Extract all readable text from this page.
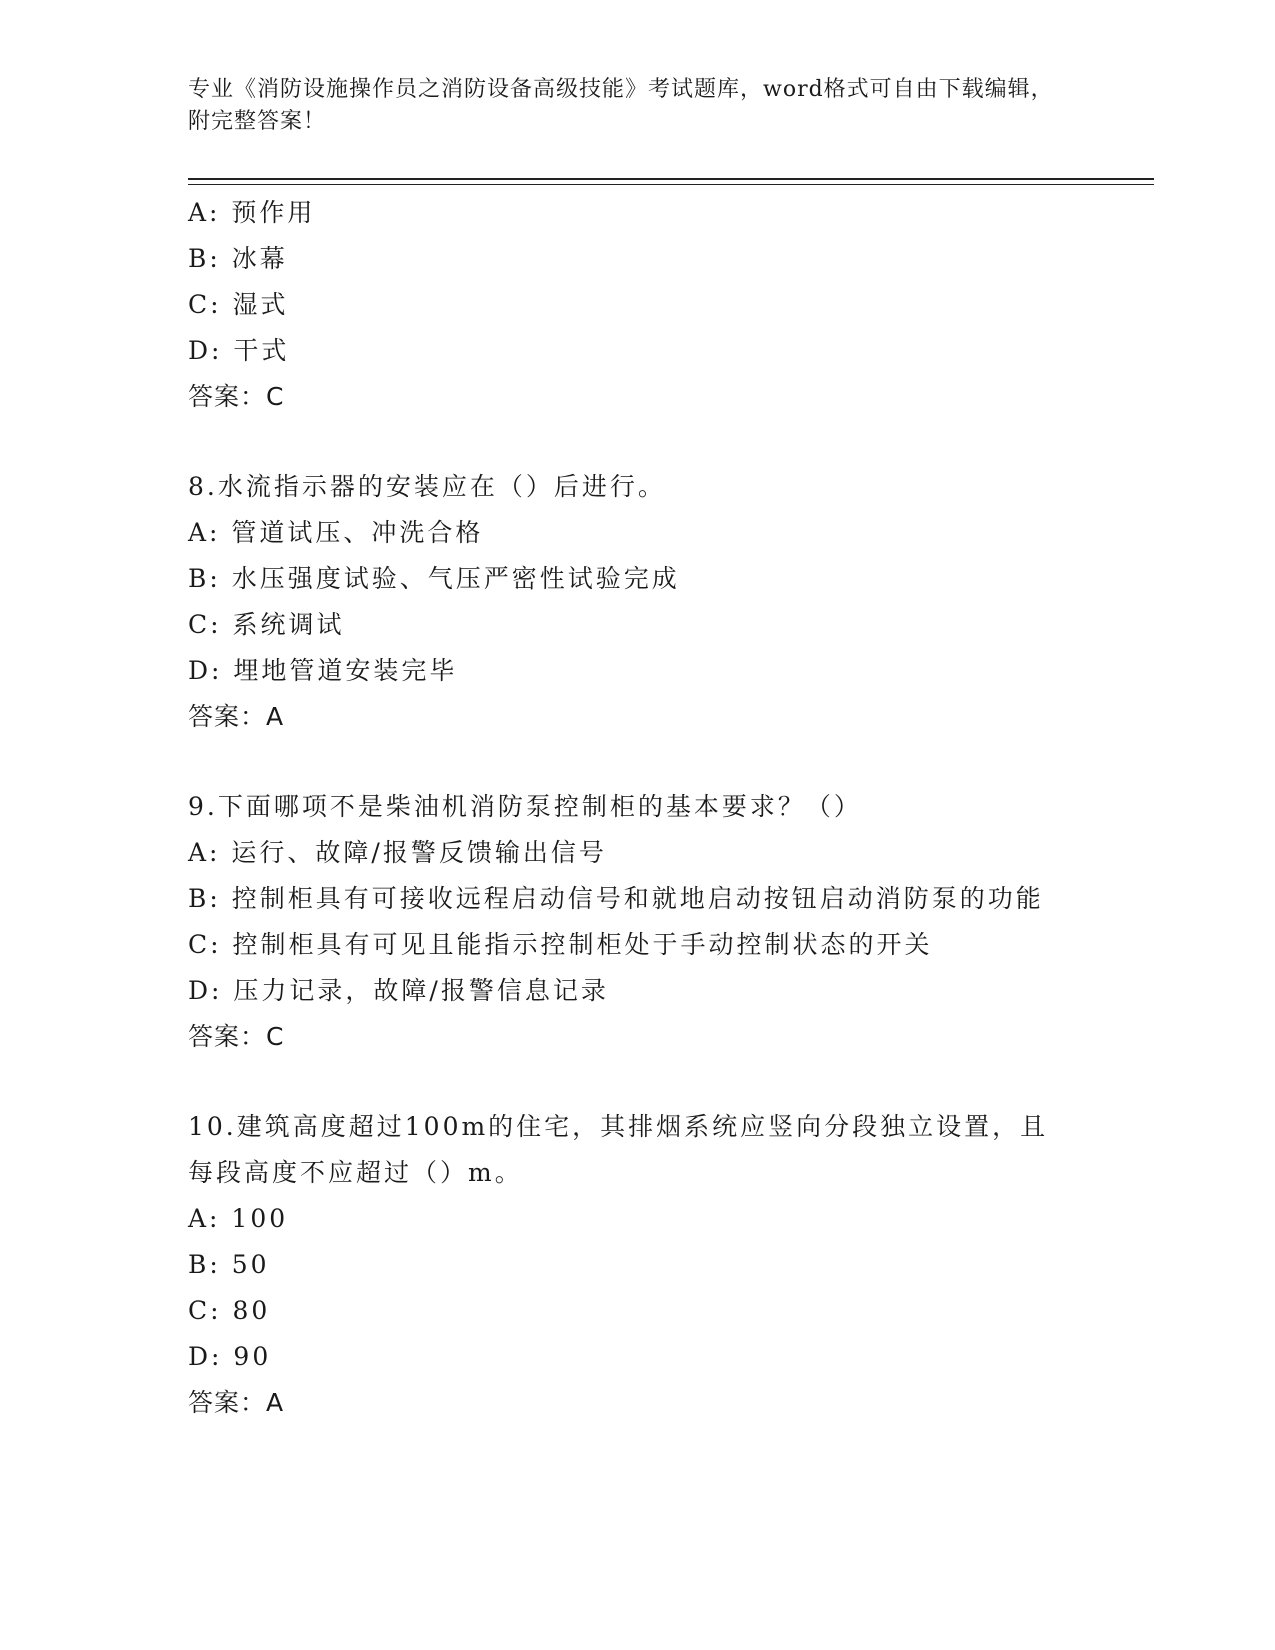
专业《消防设施操作员之消防设备高级技能》考试题库，word格式可自由下载编辑，附完整答案！
A: 预作用
B: 冰幕
C: 湿式
D: 干式
答案：C
8.水流指示器的安装应在（）后进行。
A: 管道试压、冲洗合格
B: 水压强度试验、气压严密性试验完成
C: 系统调试
D: 埋地管道安装完毕
答案：A
9.下面哪项不是柴油机消防泵控制柜的基本要求？（）
A: 运行、故障/报警反馈输出信号
B: 控制柜具有可接收远程启动信号和就地启动按钮启动消防泵的功能
C: 控制柜具有可见且能指示控制柜处于手动控制状态的开关
D: 压力记录，故障/报警信息记录
答案：C
10.建筑高度超过100m的住宅，其排烟系统应竖向分段独立设置，且
每段高度不应超过（）m。
A: 100
B: 50
C: 80
D: 90
答案：A
